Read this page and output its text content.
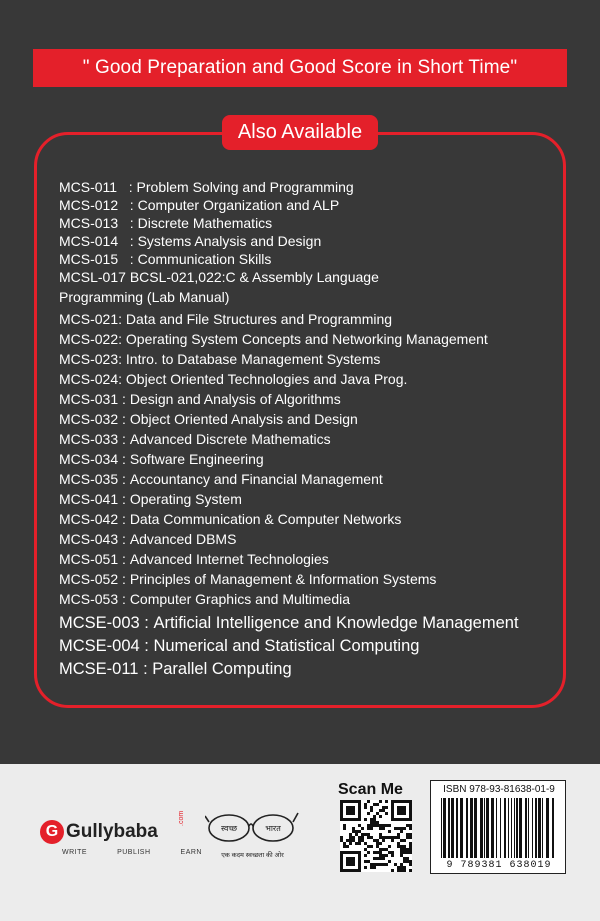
" Good Preparation and Good Score in Short Time"
Also Available
MCS-011   : Problem Solving and Programming
MCS-012   : Computer Organization and ALP
MCS-013   : Discrete Mathematics
MCS-014   : Systems Analysis and Design
MCS-015   : Communication Skills
MCSL-017 BCSL-021,022:C & Assembly Language
Programming (Lab Manual)
MCS-021: Data and File Structures and Programming
MCS-022: Operating System Concepts and Networking Management
MCS-023: Intro. to Database Management Systems
MCS-024: Object Oriented Technologies and Java Prog.
MCS-031 : Design and Analysis of Algorithms
MCS-032 : Object Oriented Analysis and Design
MCS-033 : Advanced Discrete Mathematics
MCS-034 : Software Engineering
MCS-035 : Accountancy and Financial Management
MCS-041 : Operating System
MCS-042 : Data Communication & Computer Networks
MCS-043 : Advanced DBMS
MCS-051 : Advanced Internet Technologies
MCS-052 : Principles of Management & Information Systems
MCS-053 : Computer Graphics and Multimedia
MCSE-003 : Artificial Intelligence and Knowledge Management
MCSE-004 : Numerical and Statistical Computing
MCSE-011 : Parallel Computing
G Gullybaba
.com
WRITE	PUBLISH	EARN
स्वच्छ	भारत
एक कदम स्वच्छता की ओर
Scan Me	ISBN 978-93-81638-01-9
9 789381 638019
